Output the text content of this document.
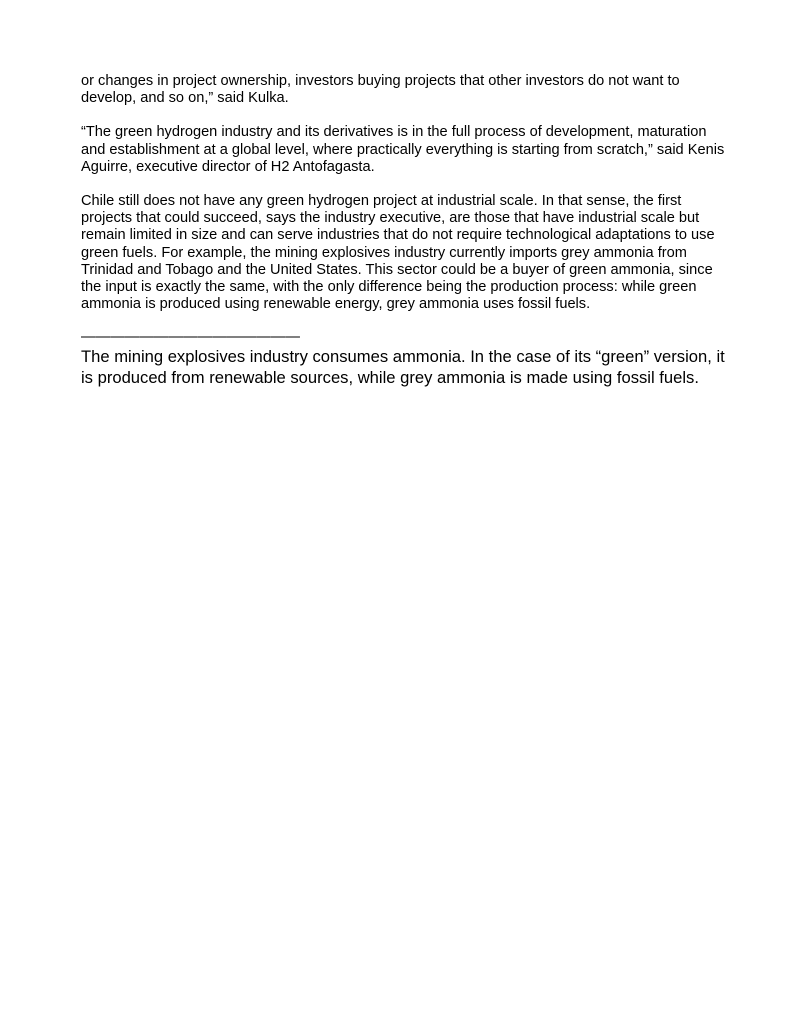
or changes in project ownership, investors buying projects that other investors do not want to develop, and so on,” said Kulka.

“The green hydrogen industry and its derivatives is in the full process of development, maturation and establishment at a global level, where practically everything is starting from scratch,” said Kenis Aguirre, executive director of H2 Antofagasta.

Chile still does not have any green hydrogen project at industrial scale. In that sense, the first projects that could succeed, says the industry executive, are those that have industrial scale but remain limited in size and can serve industries that do not require technological adaptations to use green fuels. For example, the mining explosives industry currently imports grey ammonia from Trinidad and Tobago and the United States. This sector could be a buyer of green ammonia, since the input is exactly the same, with the only difference being the production process: while green ammonia is produced using renewable energy, grey ammonia uses fossil fuels.

———————————————

The mining explosives industry consumes ammonia. In the case of its “green” version, it is produced from renewable sources, while grey ammonia is made using fossil fuels.
